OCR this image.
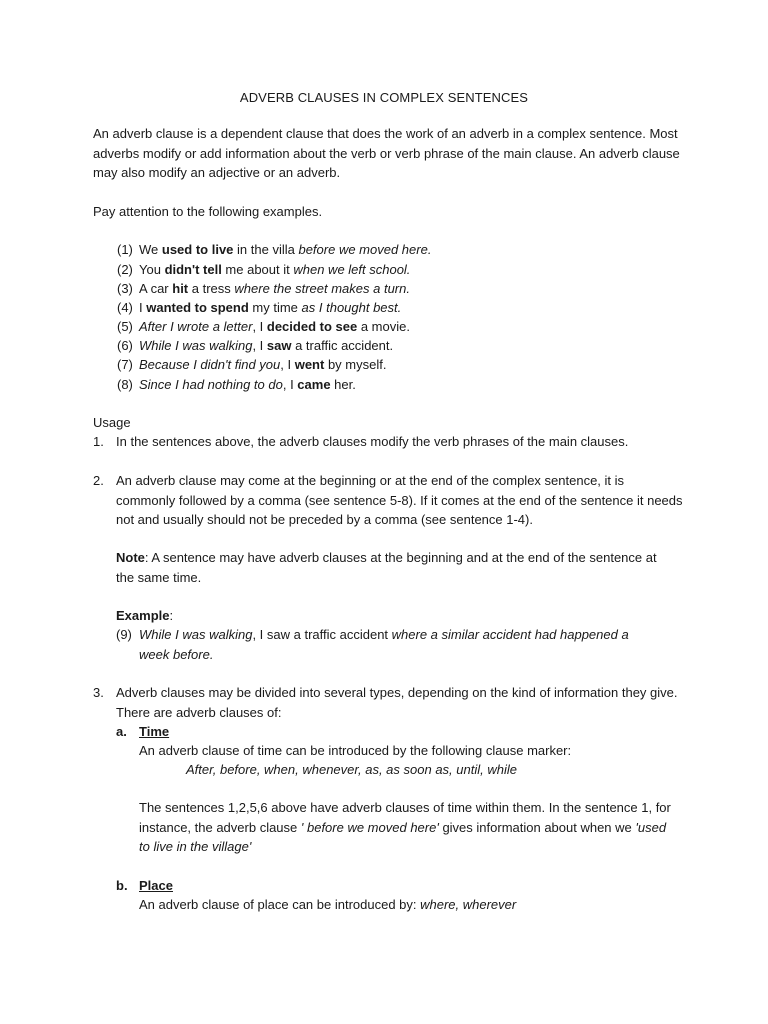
ADVERB CLAUSES IN COMPLEX SENTENCES

An adverb clause is a dependent clause that does the work of an adverb in a complex sentence. Most adverbs modify or add information about the verb or verb phrase of the main clause. An adverb clause may also modify an adjective or an adverb.

Pay attention to the following examples.

(1) We used to live in the villa before we moved here.
(2) You didn't tell me about it when we left school.
(3) A car hit a tress where the street makes a turn.
(4) I wanted to spend my time as I thought best.
(5) After I wrote a letter, I decided to see a movie.
(6) While I was walking, I saw a traffic accident.
(7) Because I didn't find you, I went by myself.
(8) Since I had nothing to do, I came her.
Usage
1. In the sentences above, the adverb clauses modify the verb phrases of the main clauses.
2. An adverb clause may come at the beginning or at the end of the complex sentence, it is commonly followed by a comma (see sentence 5-8). If it comes at the end of the sentence it needs not and usually should not be preceded by a comma (see sentence 1-4).
Note: A sentence may have adverb clauses at the beginning and at the end of the sentence at the same time.
Example:
(9) While I was walking, I saw a traffic accident where a similar accident had happened a week before.
3. Adverb clauses may be divided into several types, depending on the kind of information they give. There are adverb clauses of:
a. Time
An adverb clause of time can be introduced by the following clause marker:
After, before, when, whenever, as, as soon as, until, while
The sentences 1,2,5,6 above have adverb clauses of time within them. In the sentence 1, for instance, the adverb clause ' before we moved here' gives information about when we 'used to live in the village'
b. Place
An adverb clause of place can be introduced by: where, wherever
